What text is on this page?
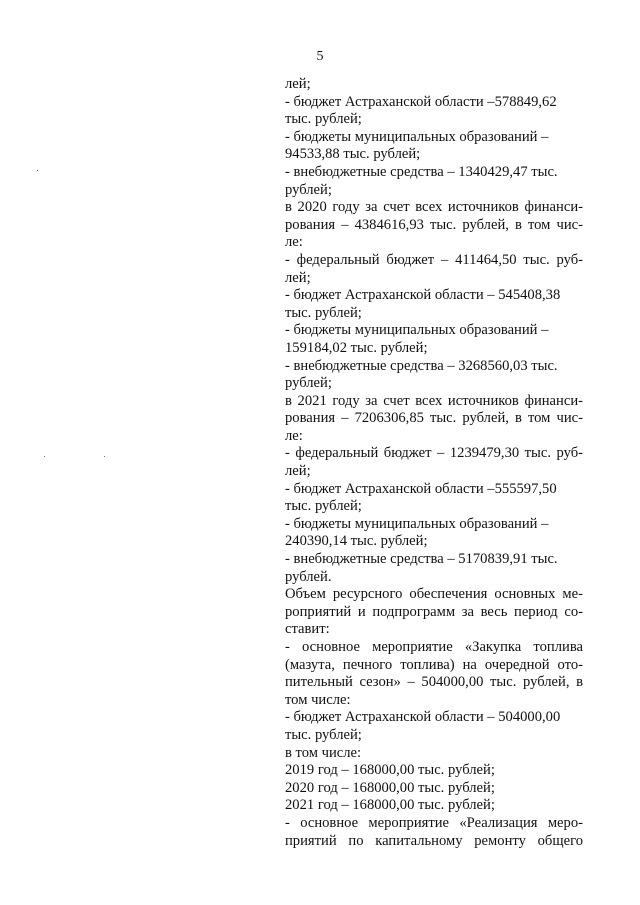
5
лей;
- бюджет Астраханской области –578849,62
тыс. рублей;
- бюджеты муниципальных образований –
94533,88 тыс. рублей;
- внебюджетные средства – 1340429,47 тыс.
рублей;
в 2020 году за счет всех источников финанси-
рования – 4384616,93 тыс. рублей, в том чис-
ле:
- федеральный бюджет – 411464,50 тыс. руб-
лей;
- бюджет Астраханской области – 545408,38
тыс. рублей;
- бюджеты муниципальных образований –
159184,02 тыс. рублей;
- внебюджетные средства – 3268560,03 тыс.
рублей;
в 2021 году за счет всех источников финанси-
рования – 7206306,85 тыс. рублей, в том чис-
ле:
- федеральный бюджет – 1239479,30 тыс. руб-
лей;
- бюджет Астраханской области –555597,50
тыс. рублей;
- бюджеты муниципальных образований –
240390,14 тыс. рублей;
- внебюджетные средства – 5170839,91 тыс.
рублей.
Объем ресурсного обеспечения основных ме-
роприятий и подпрограмм за весь период со-
ставит:
- основное мероприятие «Закупка топлива
(мазута, печного топлива) на очередной ото-
пительный сезон» – 504000,00 тыс. рублей, в
том числе:
- бюджет Астраханской области – 504000,00
тыс. рублей;
в том числе:
2019 год – 168000,00 тыс. рублей;
2020 год – 168000,00 тыс. рублей;
2021 год – 168000,00 тыс. рублей;
- основное мероприятие «Реализация меро-
приятий по капитальному ремонту общего
